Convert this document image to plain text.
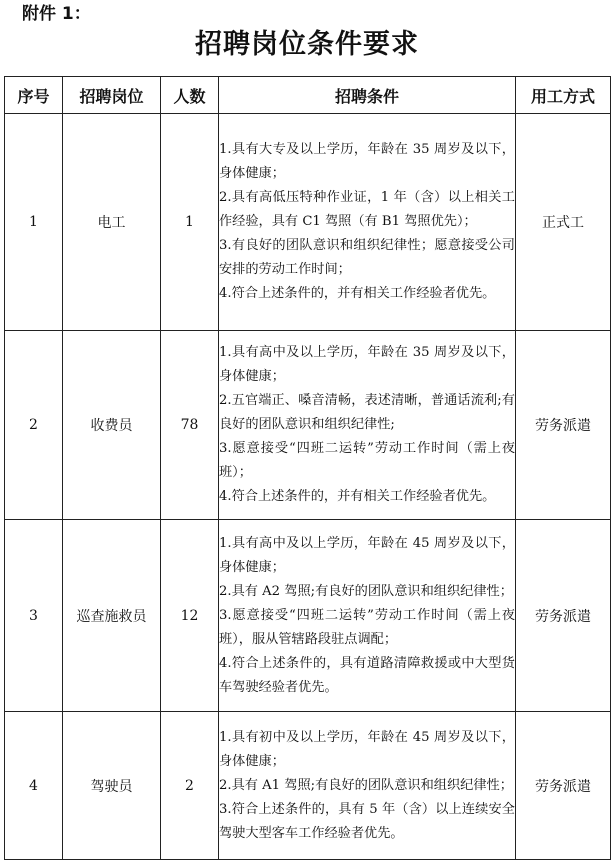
附件 1：
招聘岗位条件要求
序号	招聘岗位	人数	招聘条件	用工方式
1	电工	1	1.具有大专及以上学历，年龄在 35 周岁及以下，身体健康；
2.具有高低压特种作业证，1 年（含）以上相关工作经验，具有 C1 驾照（有 B1 驾照优先）；
3.有良好的团队意识和组织纪律性；愿意接受公司安排的劳动工作时间；
4.符合上述条件的，并有相关工作经验者优先。	正式工
2	收费员	78	1.具有高中及以上学历，年龄在 35 周岁及以下，身体健康；
2.五官端正、嗓音清畅，表述清晰，普通话流利;有良好的团队意识和组织纪律性;
3.愿意接受“四班二运转”劳动工作时间（需上夜班）；
4.符合上述条件的，并有相关工作经验者优先。	劳务派遣
3	巡查施救员	12	1.具有高中及以上学历，年龄在 45 周岁及以下，身体健康；
2.具有 A2 驾照;有良好的团队意识和组织纪律性；
3.愿意接受“四班二运转”劳动工作时间（需上夜班），服从管辖路段驻点调配；
4.符合上述条件的，具有道路清障救援或中大型货车驾驶经验者优先。	劳务派遣
4	驾驶员	2	1.具有初中及以上学历，年龄在 45 周岁及以下，身体健康；
2.具有 A1 驾照;有良好的团队意识和组织纪律性；
3.符合上述条件的，具有 5 年（含）以上连续安全驾驶大型客车工作经验者优先。	劳务派遣
